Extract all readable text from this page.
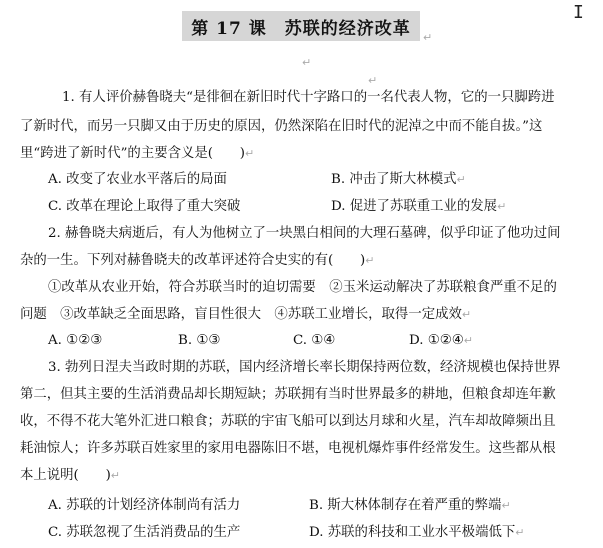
第 17 课　苏联的经济改革 ↵
↵
↵
1. 有人评价赫鲁晓夫“是徘徊在新旧时代十字路口的一名代表人物，它的一只脚跨进
了新时代，而另一只脚又由于历史的原因，仍然深陷在旧时代的泥淖之中而不能自拔。”这
里“跨进了新时代”的主要含义是(　　)↵
A. 改变了农业水平落后的局面	B. 冲击了斯大林模式↵
C. 改革在理论上取得了重大突破	D. 促进了苏联重工业的发展↵
2. 赫鲁晓夫病逝后，有人为他树立了一块黑白相间的大理石墓碑，似乎印证了他功过间
杂的一生。下列对赫鲁晓夫的改革评述符合史实的有(　　)↵
①改革从农业开始，符合苏联当时的迫切需要　②玉米运动解决了苏联粮食严重不足的
问题　③改革缺乏全面思路，盲目性很大　④苏联工业增长，取得一定成效↵
A. ①②③	B. ①③	C. ①④	D. ①②④↵
3. 勃列日涅夫当政时期的苏联，国内经济增长率长期保持两位数，经济规模也保持世界
第二，但其主要的生活消费品却长期短缺；苏联拥有当时世界最多的耕地，但粮食却连年歉
收，不得不花大笔外汇进口粮食；苏联的宇宙飞船可以到达月球和火星，汽车却故障频出且
耗油惊人；许多苏联百姓家里的家用电器陈旧不堪，电视机爆炸事件经常发生。这些都从根
本上说明(　　)↵
A. 苏联的计划经济体制尚有活力	B. 斯大林体制存在着严重的弊端↵
C. 苏联忽视了生活消费品的生产	D. 苏联的科技和工业水平极端低下↵
I
